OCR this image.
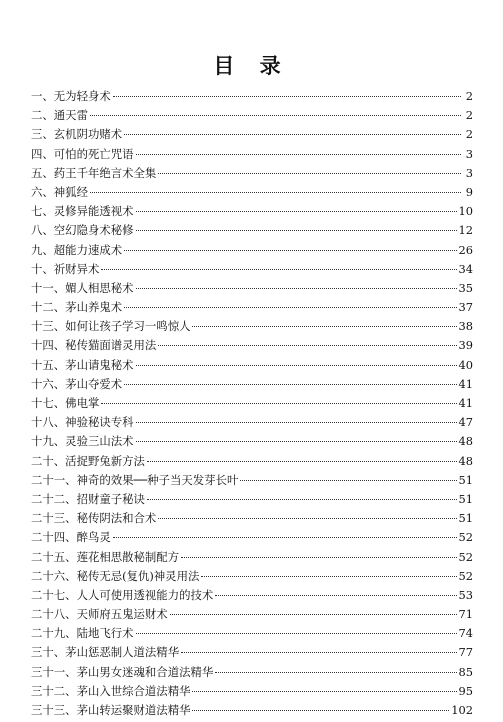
目 录
一、无为轻身术	2
二、通天雷	2
三、玄机阴功赌术	2
四、可怕的死亡咒语	3
五、药王千年绝言术全集	3
六、神狐经	9
七、灵修异能透视术	10
八、空幻隐身术秘修	12
九、超能力速成术	26
十、祈财异术	34
十一、媚人相思秘术	35
十二、茅山养鬼术	37
十三、如何让孩子学习一鸣惊人	38
十四、秘传猫面谱灵用法	39
十五、茅山请鬼秘术	40
十六、茅山夺爱术	41
十七、佛电掌	41
十八、神验秘诀专科	47
十九、灵验三山法术	48
二十、活捉野兔新方法	48
二十一、神奇的效果──种子当天发芽长叶	51
二十二、招财童子秘诀	51
二十三、秘传阴法和合术	51
二十四、醉鸟灵	52
二十五、莲花相思散秘制配方	52
二十六、秘传无忌(复仇)神灵用法	52
二十七、人人可使用透视能力的技术	53
二十八、天师府五鬼运财术	71
二十九、陆地飞行术	74
三十、茅山惩恶制人道法精华	77
三十一、茅山男女迷魂和合道法精华	85
三十二、茅山入世综合道法精华	95
三十三、茅山转运聚财道法精华	102
